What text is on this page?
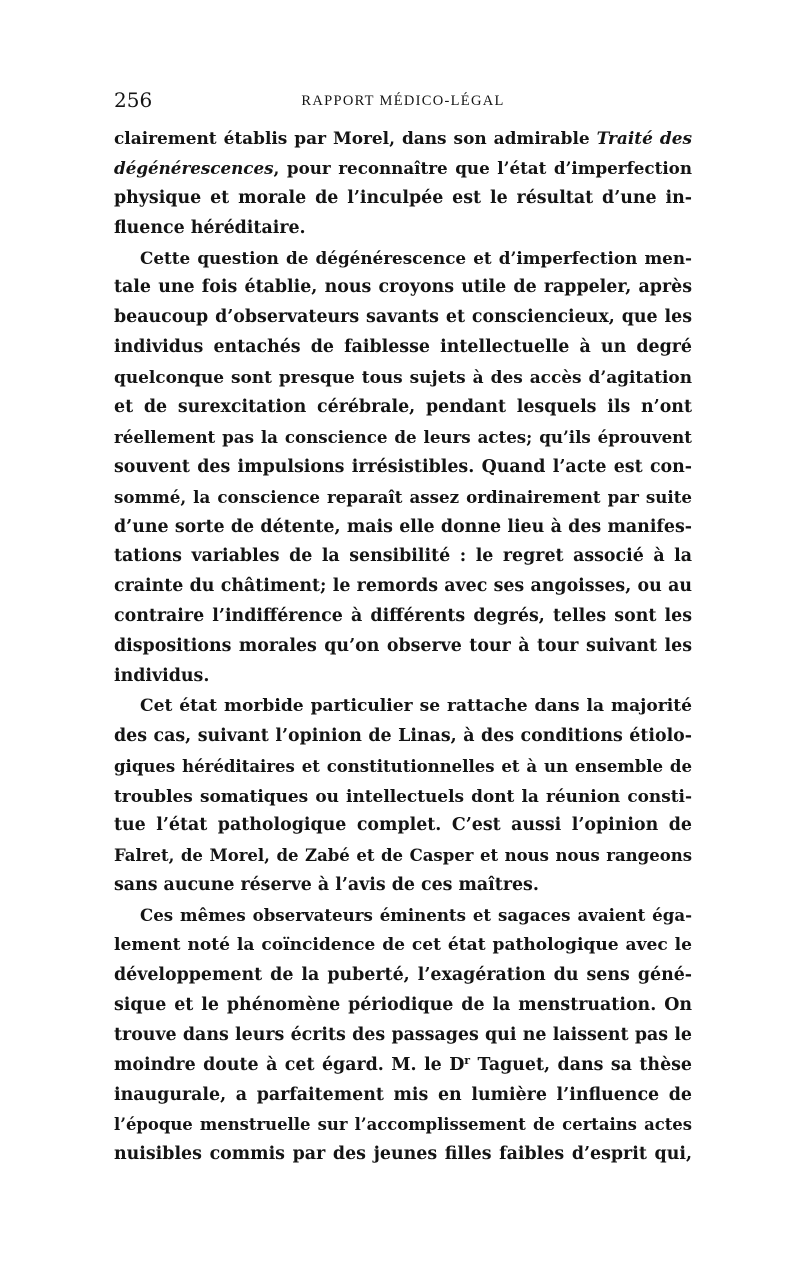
256	RAPPORT MÉDICO-LÉGAL
clairement établis par Morel, dans son admirable Traité des
dégénérescences, pour reconnaître que l’état d’imperfection
physique et morale de l’inculpée est le résultat d’une in-
fluence héréditaire.
Cette question de dégénérescence et d’imperfection men-
tale une fois établie, nous croyons utile de rappeler, après
beaucoup d’observateurs savants et consciencieux, que les
individus entachés de faiblesse intellectuelle à un degré
quelconque sont presque tous sujets à des accès d’agitation
et de surexcitation cérébrale, pendant lesquels ils n’ont
réellement pas la conscience de leurs actes; qu’ils éprouvent
souvent des impulsions irrésistibles. Quand l’acte est con-
sommé, la conscience reparaît assez ordinairement par suite
d’une sorte de détente, mais elle donne lieu à des manifes-
tations variables de la sensibilité : le regret associé à la
crainte du châtiment; le remords avec ses angoisses, ou au
contraire l’indifférence à différents degrés, telles sont les
dispositions morales qu’on observe tour à tour suivant les
individus.
Cet état morbide particulier se rattache dans la majorité
des cas, suivant l’opinion de Linas, à des conditions étiolo-
giques héréditaires et constitutionnelles et à un ensemble de
troubles somatiques ou intellectuels dont la réunion consti-
tue l’état pathologique complet. C’est aussi l’opinion de
Falret, de Morel, de Zabé et de Casper et nous nous rangeons
sans aucune réserve à l’avis de ces maîtres.
Ces mêmes observateurs éminents et sagaces avaient éga-
lement noté la coïncidence de cet état pathologique avec le
développement de la puberté, l’exagération du sens géné-
sique et le phénomène périodique de la menstruation. On
trouve dans leurs écrits des passages qui ne laissent pas le
moindre doute à cet égard. M. le $D^r$ Taguet, dans sa thèse
inaugurale, a parfaitement mis en lumière l’influence de
l’époque menstruelle sur l’accomplissement de certains actes
nuisibles commis par des jeunes filles faibles d’esprit qui,
